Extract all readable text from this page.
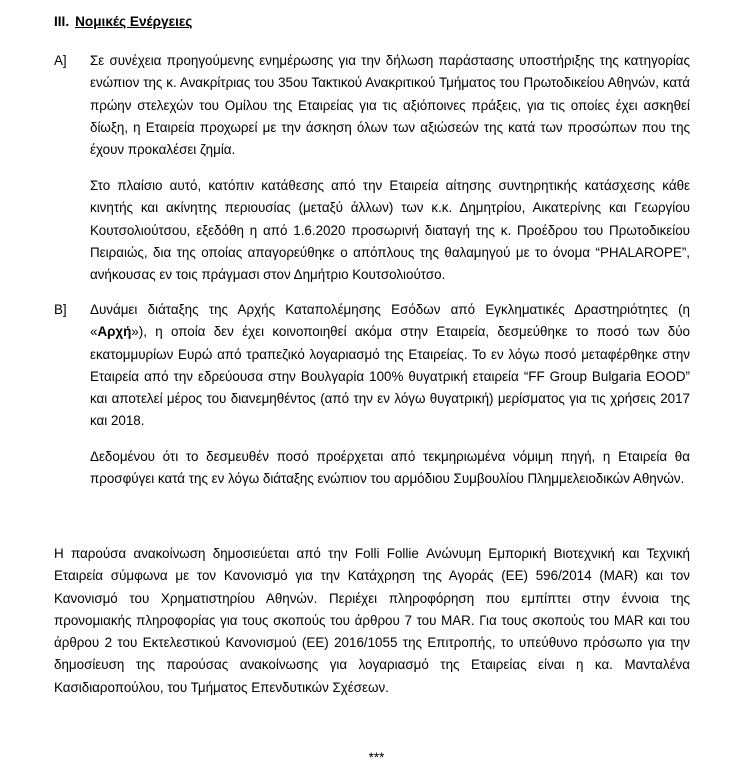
III. Νομικές Ενέργειες
Α] Σε συνέχεια προηγούμενης ενημέρωσης για την δήλωση παράστασης υποστήριξης της κατηγορίας ενώπιον της κ. Ανακρίτριας του 35ου Τακτικού Ανακριτικού Τμήματος του Πρωτοδικείου Αθηνών, κατά πρώην στελεχών του Ομίλου της Εταιρείας για τις αξιόποινες πράξεις, για τις οποίες έχει ασκηθεί δίωξη, η Εταιρεία προχωρεί με την άσκηση όλων των αξιώσεών της κατά των προσώπων που της έχουν προκαλέσει ζημία.
Στο πλαίσιο αυτό, κατόπιν κατάθεσης από την Εταιρεία αίτησης συντηρητικής κατάσχεσης κάθε κινητής και ακίνητης περιουσίας (μεταξύ άλλων) των κ.κ. Δημητρίου, Αικατερίνης και Γεωργίου Κουτσολιούτσου, εξεδόθη η από 1.6.2020 προσωρινή διαταγή της κ. Προέδρου του Πρωτοδικείου Πειραιώς, δια της οποίας απαγορεύθηκε ο απόπλους της θαλαμηγού με το όνομα “PHALAROPE”, ανήκουσας εν τοις πράγμασι στον Δημήτριο Κουτσολιούτσο.
Β] Δυνάμει διάταξης της Αρχής Καταπολέμησης Εσόδων από Εγκληματικές Δραστηριότητες (η «Αρχή»), η οποία δεν έχει κοινοποιηθεί ακόμα στην Εταιρεία, δεσμεύθηκε το ποσό των δύο εκατομμυρίων Ευρώ από τραπεζικό λογαριασμό της Εταιρείας. Το εν λόγω ποσό μεταφέρθηκε στην Εταιρεία από την εδρεύουσα στην Βουλγαρία 100% θυγατρική εταιρεία “FF Group Bulgaria EOOD” και αποτελεί μέρος του διανεμηθέντος (από την εν λόγω θυγατρική) μερίσματος για τις χρήσεις 2017 και 2018.
Δεδομένου ότι το δεσμευθέν ποσό προέρχεται από τεκμηριωμένα νόμιμη πηγή, η Εταιρεία θα προσφύγει κατά της εν λόγω διάταξης ενώπιον του αρμόδιου Συμβουλίου Πλημμελειοδικών Αθηνών.
Η παρούσα ανακοίνωση δημοσιεύεται από την Folli Follie Ανώνυμη Εμπορική Βιοτεχνική και Τεχνική Εταιρεία σύμφωνα με τον Κανονισμό για την Κατάχρηση της Αγοράς (ΕΕ) 596/2014 (MAR) και τον Κανονισμό του Χρηματιστηρίου Αθηνών. Περιέχει πληροφόρηση που εμπίπτει στην έννοια της προνομιακής πληροφορίας για τους σκοπούς του άρθρου 7 του MAR. Για τους σκοπούς του MAR και του άρθρου 2 του Εκτελεστικού Κανονισμού (ΕΕ) 2016/1055 της Επιτροπής, το υπεύθυνο πρόσωπο για την δημοσίευση της παρούσας ανακοίνωσης για λογαριασμό της Εταιρείας είναι η κα. Μανταλένα Κασιδιαροπούλου, του Τμήματος Επενδυτικών Σχέσεων.
***
